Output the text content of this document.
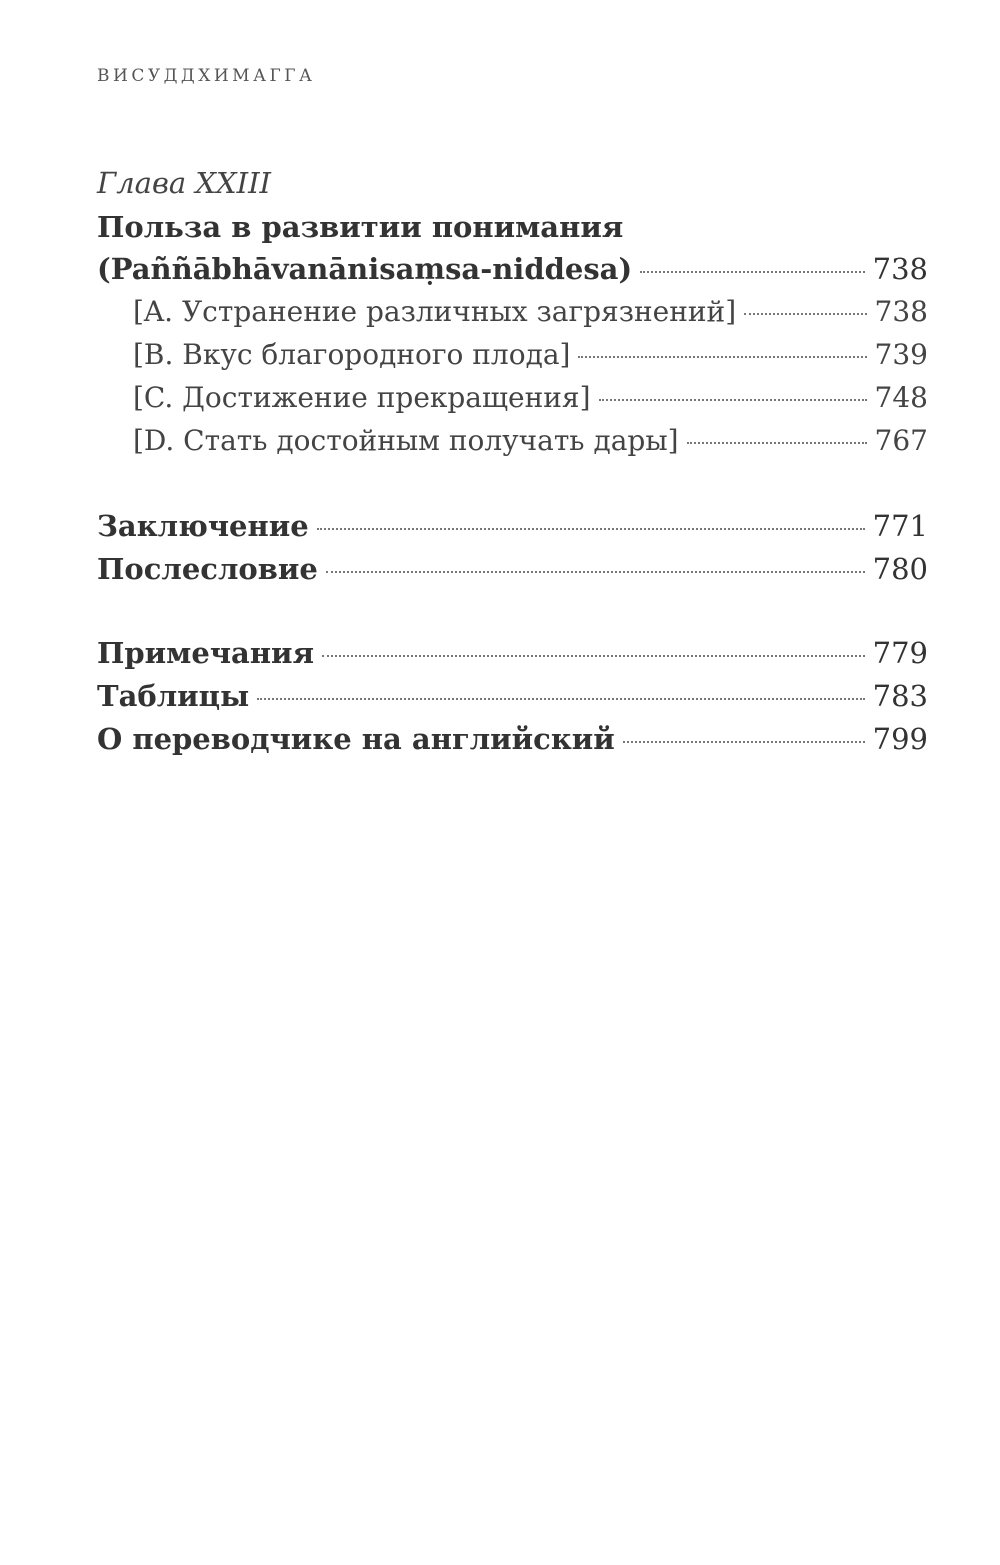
ВИСУДДХИМАГГА
Глава XXIII
Польза в развитии понимания
(Paññābhāvanānisaṃsa-niddesa)	738
[A. Устранение различных загрязнений]	738
[B. Вкус благородного плода]	739
[C. Достижение прекращения]	748
[D. Стать достойным получать дары]	767
Заключение	771
Послесловие	780
Примечания	779
Таблицы	783
О переводчике на английский	799
